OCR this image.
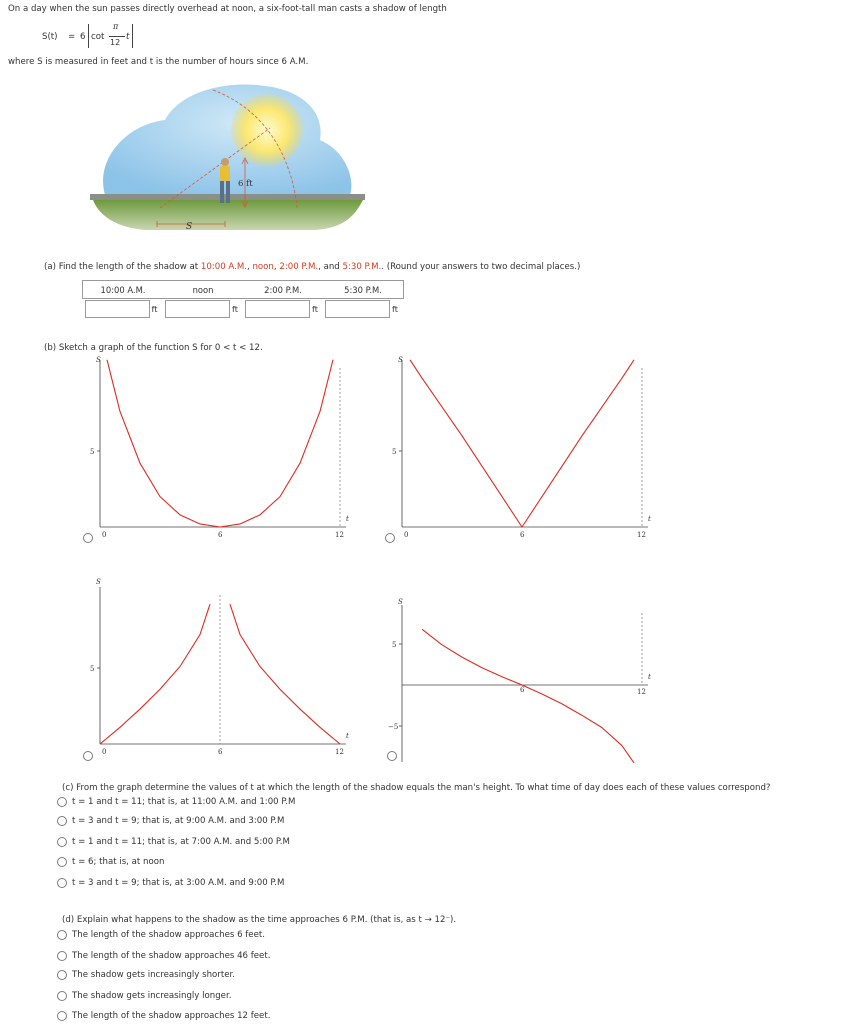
On a day when the sun passes directly overhead at noon, a six-foot-tall man casts a shadow of length
S(t) = 6 cot
π
12
t
where S is measured in feet and t is the number of hours since 6 A.M.
6 ft
S
(a) Find the length of the shadow at 10:00 A.M., noon, 2:00 P.M., and 5:30 P.M.. (Round your answers to two decimal places.)
10:00 A.M.	noon	2:00 P.M.	5:30 P.M.

ft	ft	ft	ft
(b) Sketch a graph of the function S for 0 < t < 12.
S
t
5
6	12
0
S
t
5
6	12
0
S
t
5
6	12
0
S
t
5
6	12
−5
(c) From the graph determine the values of t at which the length of the shadow equals the man's height. To what time of day does each of these values correspond?
t = 1 and t = 11; that is, at 11:00 A.M. and 1:00 P.M
t = 3 and t = 9; that is, at 9:00 A.M. and 3:00 P.M
t = 1 and t = 11; that is, at 7:00 A.M. and 5:00 P.M
t = 6; that is, at noon
t = 3 and t = 9; that is, at 3:00 A.M. and 9:00 P.M
(d) Explain what happens to the shadow as the time approaches 6 P.M. (that is, as t → 12⁻).
The length of the shadow approaches 6 feet.
The length of the shadow approaches 46 feet.
The shadow gets increasingly shorter.
The shadow gets increasingly longer.
The length of the shadow approaches 12 feet.
